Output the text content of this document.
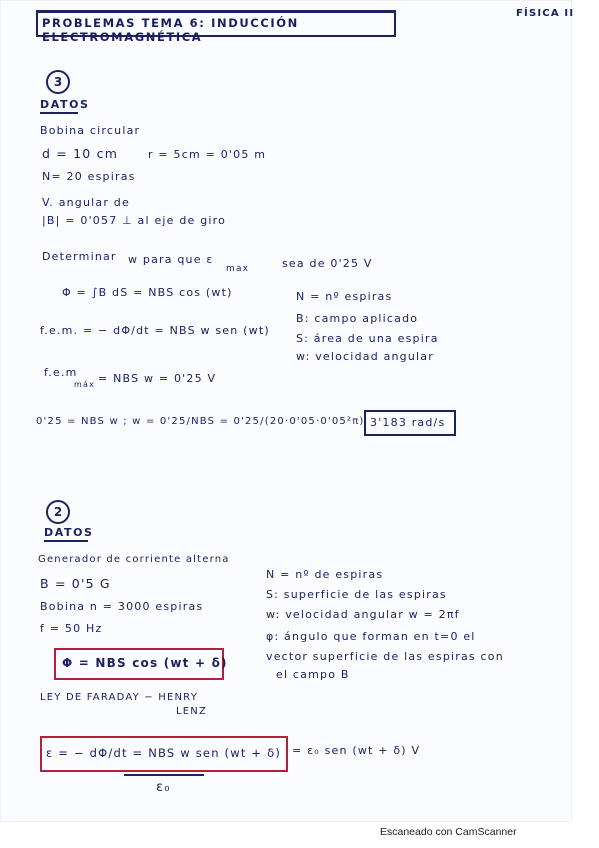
PROBLEMAS TEMA 6: INDUCCIÓN ELECTROMAGNÉTICA
FÍSICA II
3
DATOS
Bobina circular
d = 10 cm	r = 5cm = 0'05 m
N= 20 espiras
V. angular de
|B| = 0'057 ⊥ al eje de giro
Determinar w para que ε
max	sea de 0'25 V
Φ = ∫B dS = NBS cos (wt)
f.e.m. = − dΦ/dt = NBS w sen (wt)
f.e.m
máx = NBS w = 0'25 V
N = nº espiras
B: campo aplicado
S: área de una espira
w: velocidad angular
0'25 = NBS w ; w = 0'25/NBS = 0'25/(20·0'05·0'05²π) 3'183 rad/s
2
DATOS
Generador de corriente alterna
B = 0'5 G
Bobina n = 3000 espiras
f = 50 Hz
N = nº de espiras
S: superficie de las espiras
w: velocidad angular w = 2πf
φ: ángulo que forman en t=0 el
vector superficie de las espiras con
el campo B
Φ = NBS cos (wt + δ)
LEY DE FARADAY − HENRY
LENZ
ε = − dΦ/dt = NBS w sen (wt + δ) = ε₀ sen (wt + δ) V
ε₀
Escaneado con CamScanner
